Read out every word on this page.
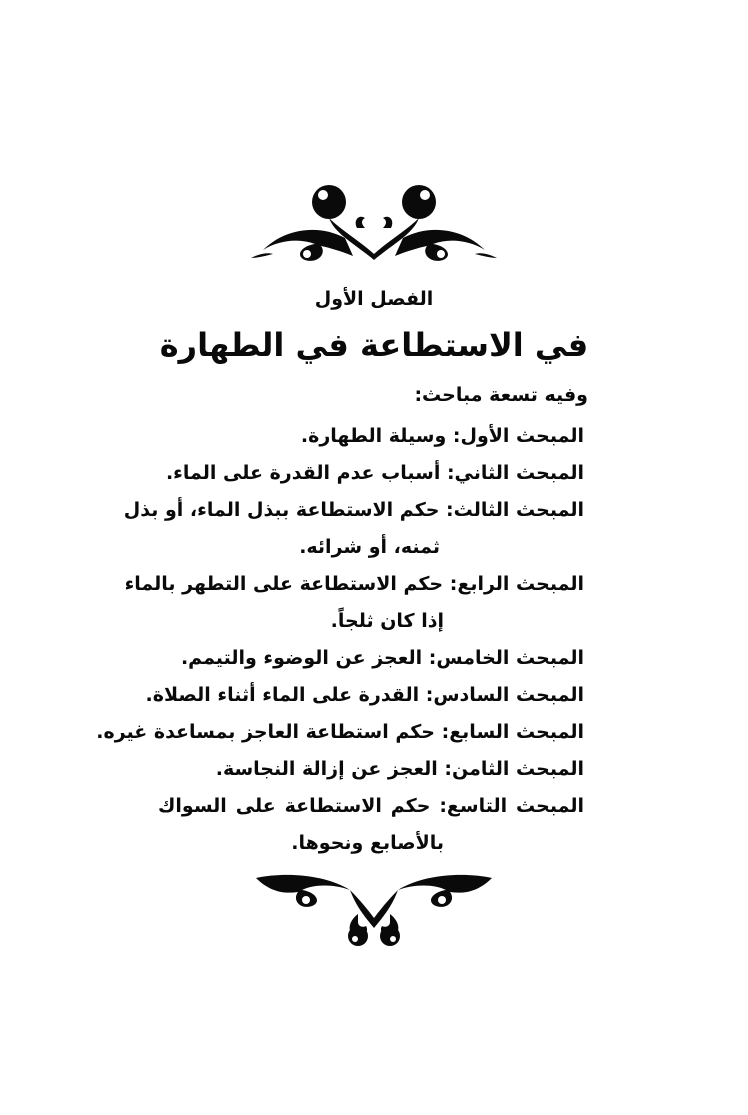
الفصل الأول
في الاستطاعة في الطهارة
وفيه تسعة مباحث:
المبحث الأول: وسيلة الطهارة.
المبحث الثاني: أسباب عدم القدرة على الماء.
المبحث الثالث: حكم الاستطاعة ببذل الماء، أو بذل
ثمنه، أو شرائه.
المبحث الرابع: حكم الاستطاعة على التطهر بالماء
إذا كان ثلجاً.
المبحث الخامس: العجز عن الوضوء والتيمم.
المبحث السادس: القدرة على الماء أثناء الصلاة.
المبحث السابع: حكم استطاعة العاجز بمساعدة غيره.
المبحث الثامن: العجز عن إزالة النجاسة.
المبحث التاسع: حكم الاستطاعة على السواك
بالأصابع ونحوها.
